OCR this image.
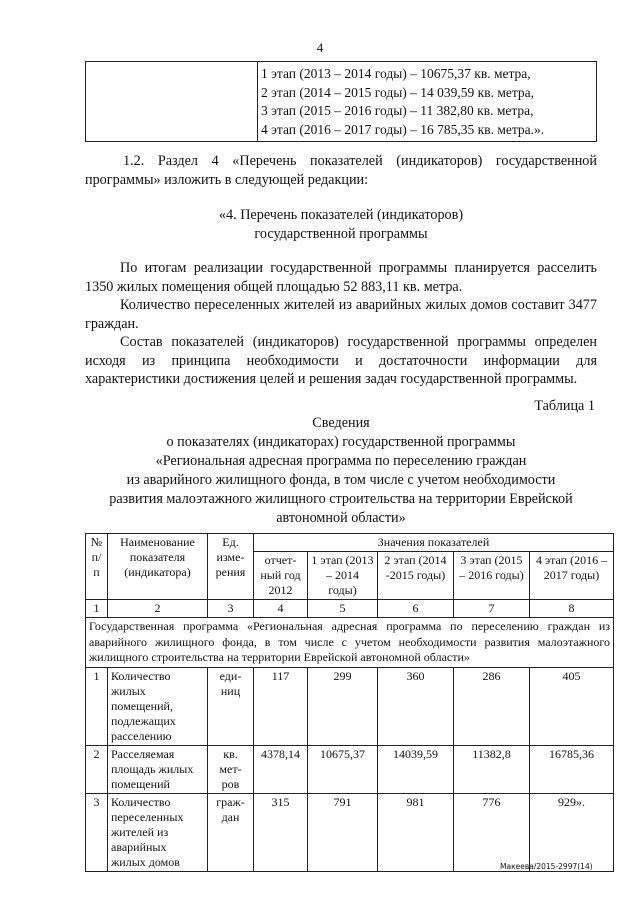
4

1 этап (2013 – 2014 годы) – 10675,37 кв. метра,
2 этап (2014 – 2015 годы) – 14 039,59 кв. метра,
3 этап (2015 – 2016 годы) – 11 382,80 кв. метра,
4 этап (2016 – 2017 годы) – 16 785,35 кв. метра.».
1.2. Раздел 4 «Перечень показателей (индикаторов) государственной программы» изложить в следующей редакции:
«4. Перечень показателей (индикаторов)
государственной программы
По итогам реализации государственной программы планируется расселить 1350 жилых помещения общей площадью 52 883,11 кв. метра.
Количество переселенных жителей из аварийных жилых домов составит 3477 граждан.
Состав показателей (индикаторов) государственной программы определен исходя из принципа необходимости и достаточности информации для характеристики достижения целей и решения задач государственной программы.
Таблица 1
Сведения
о показателях (индикаторах) государственной программы
«Региональная адресная программа по переселению граждан
из аварийного жилищного фонда, в том числе с учетом необходимости
развития малоэтажного жилищного строительства на территории Еврейской
автономной области»
№ п/п	Наименование показателя (индикатора)	Ед. изме-рения	Значения показателей				
			отчет-ный год 2012	1 этап (2013 – 2014 годы)	2 этап (2014 -2015 годы)	3 этап (2015 – 2016 годы)	4 этап (2016 – 2017 годы)
1	2	3	4	5	6	7	8
Государственная программа «Региональная адресная программа по переселению граждан из аварийного жилищного фонда, в том числе с учетом необходимости развития малоэтажного жилищного строительства на территории Еврейской автономной области»							
1	Количество жилых помещений, подлежащих расселению	еди-ниц	117	299	360	286	405
2	Расселяемая площадь жилых помещений	кв. мет-ров	4378,14	10675,37	14039,59	11382,8	16785,36
3	Количество переселенных жителей из аварийных жилых домов	граж-дан	315	791	981	776	929».
Макеева/2015-2997(14)
